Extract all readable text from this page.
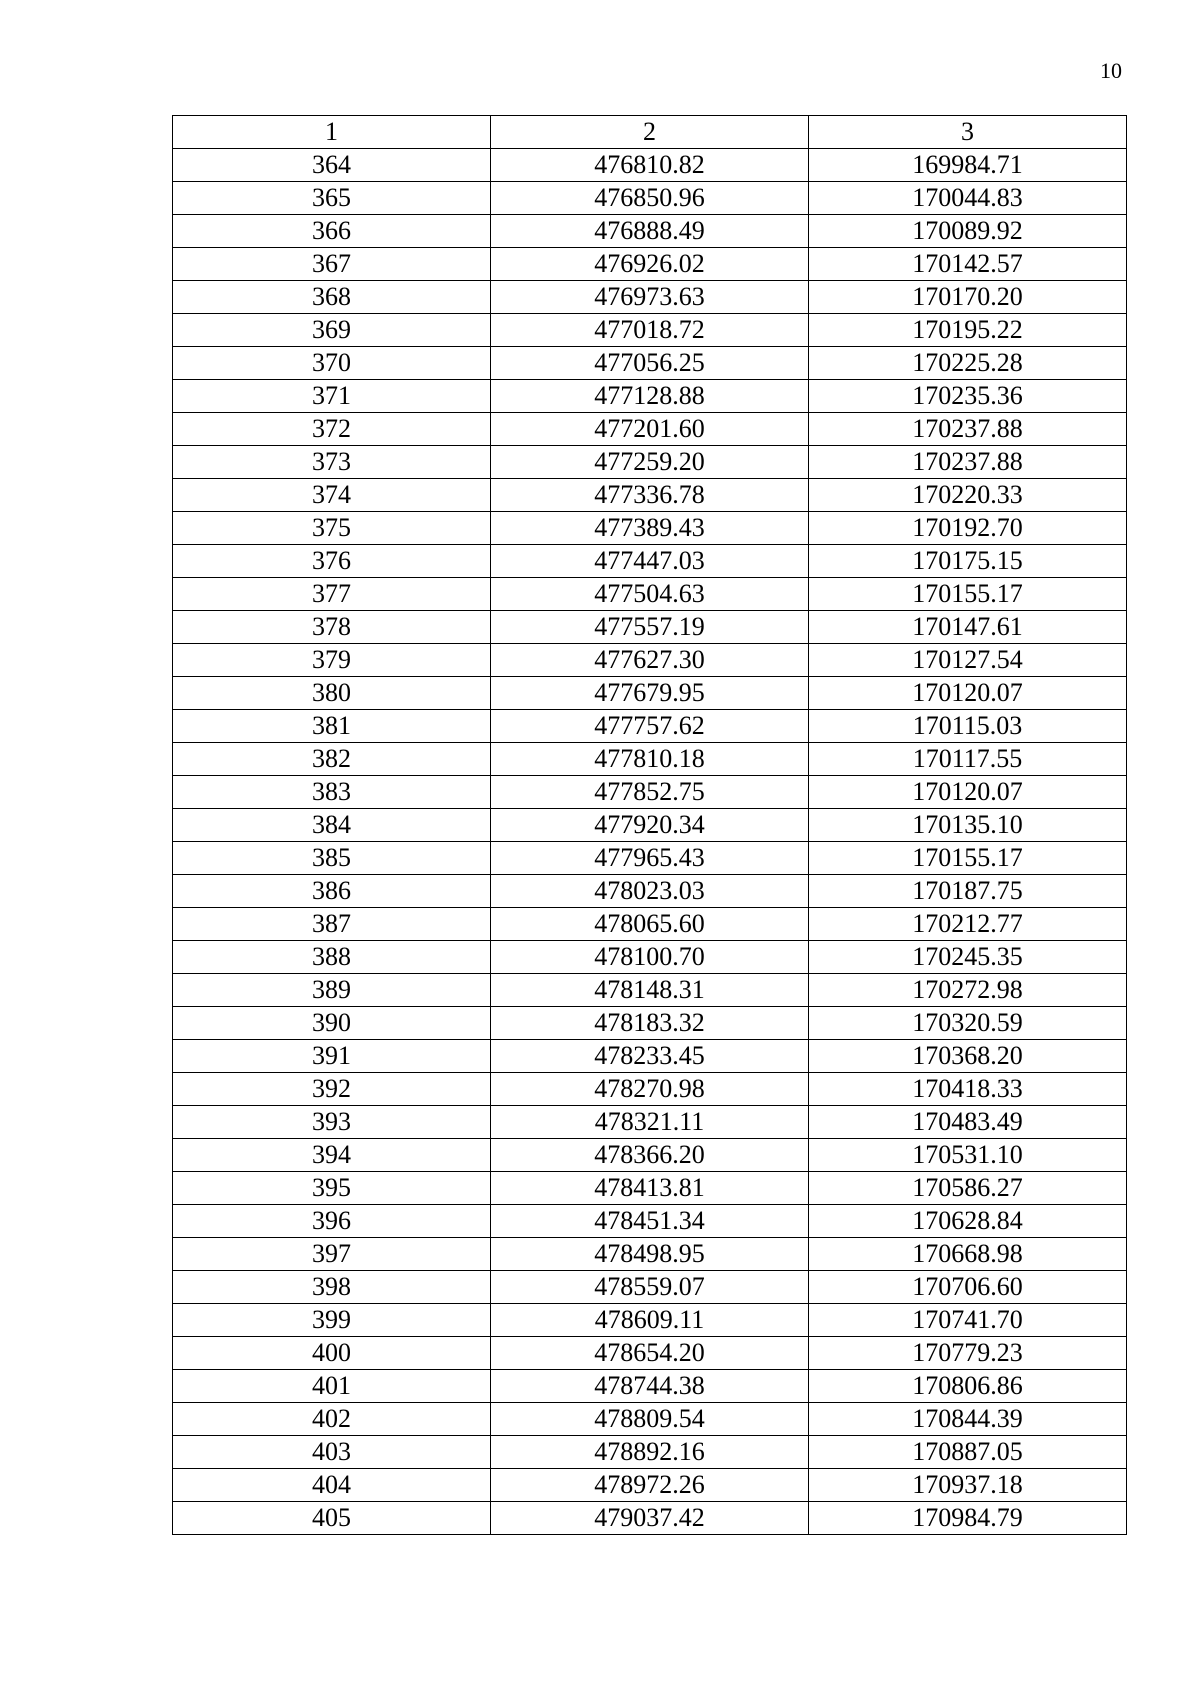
10
1	2	3
364	476810.82	169984.71
365	476850.96	170044.83
366	476888.49	170089.92
367	476926.02	170142.57
368	476973.63	170170.20
369	477018.72	170195.22
370	477056.25	170225.28
371	477128.88	170235.36
372	477201.60	170237.88
373	477259.20	170237.88
374	477336.78	170220.33
375	477389.43	170192.70
376	477447.03	170175.15
377	477504.63	170155.17
378	477557.19	170147.61
379	477627.30	170127.54
380	477679.95	170120.07
381	477757.62	170115.03
382	477810.18	170117.55
383	477852.75	170120.07
384	477920.34	170135.10
385	477965.43	170155.17
386	478023.03	170187.75
387	478065.60	170212.77
388	478100.70	170245.35
389	478148.31	170272.98
390	478183.32	170320.59
391	478233.45	170368.20
392	478270.98	170418.33
393	478321.11	170483.49
394	478366.20	170531.10
395	478413.81	170586.27
396	478451.34	170628.84
397	478498.95	170668.98
398	478559.07	170706.60
399	478609.11	170741.70
400	478654.20	170779.23
401	478744.38	170806.86
402	478809.54	170844.39
403	478892.16	170887.05
404	478972.26	170937.18
405	479037.42	170984.79
